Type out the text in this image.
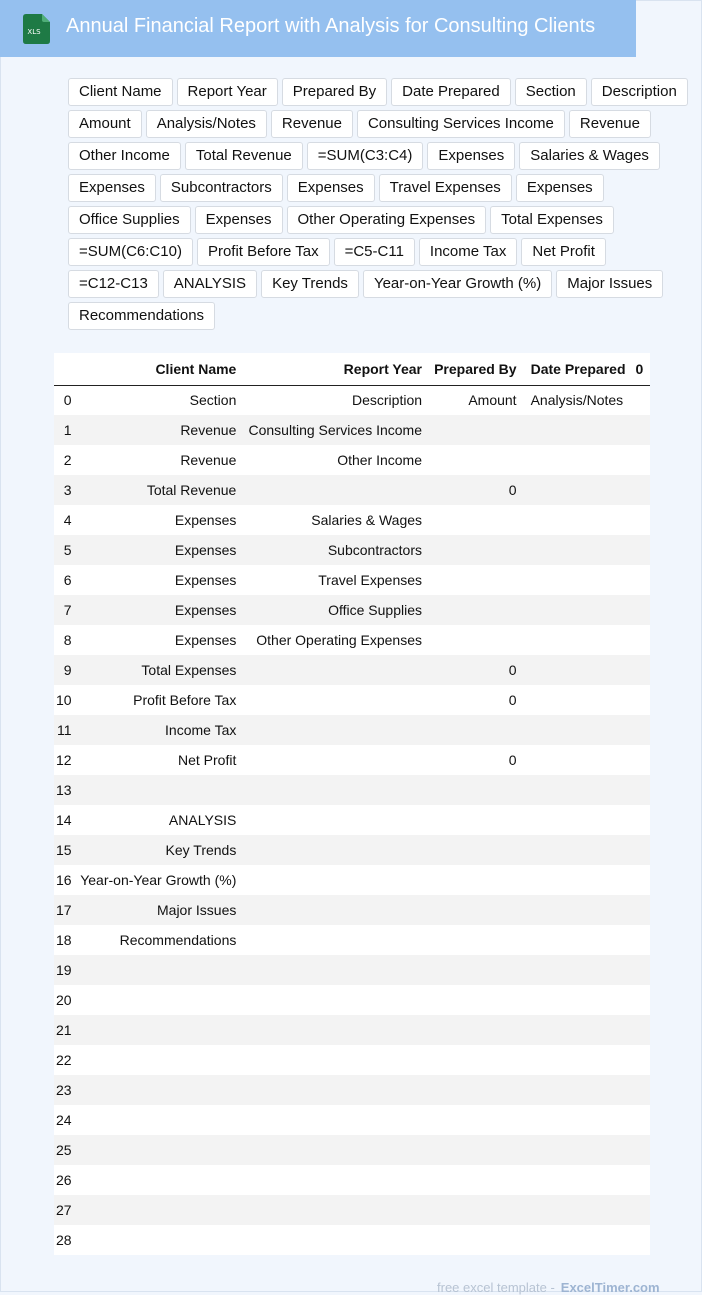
XLS Annual Financial Report with Analysis for Consulting Clients
Client Name	Report Year	Prepared By	Date Prepared	Section	Description
Amount	Analysis/Notes	Revenue	Consulting Services Income	Revenue
Other Income	Total Revenue	=SUM(C3:C4)	Expenses	Salaries & Wages
Expenses	Subcontractors	Expenses	Travel Expenses	Expenses
Office Supplies	Expenses	Other Operating Expenses	Total Expenses
=SUM(C6:C10)	Profit Before Tax	=C5-C11	Income Tax	Net Profit
=C12-C13	ANALYSIS	Key Trends	Year-on-Year Growth (%)	Major Issues
Recommendations
	Client Name	Report Year	Prepared By	Date Prepared	0
0	Section	Description	Amount	Analysis/Notes	
1	Revenue	Consulting Services Income			
2	Revenue	Other Income			
3	Total Revenue		0		
4	Expenses	Salaries & Wages			
5	Expenses	Subcontractors			
6	Expenses	Travel Expenses			
7	Expenses	Office Supplies			
8	Expenses	Other Operating Expenses			
9	Total Expenses		0		
10	Profit Before Tax		0		
11	Income Tax				
12	Net Profit		0		
13					
14	ANALYSIS				
15	Key Trends				
16	Year-on-Year Growth (%)				
17	Major Issues				
18	Recommendations				
19					
20					
21					
22					
23					
24					
25					
26					
27					
28					
free excel template - ExcelTimer.com
